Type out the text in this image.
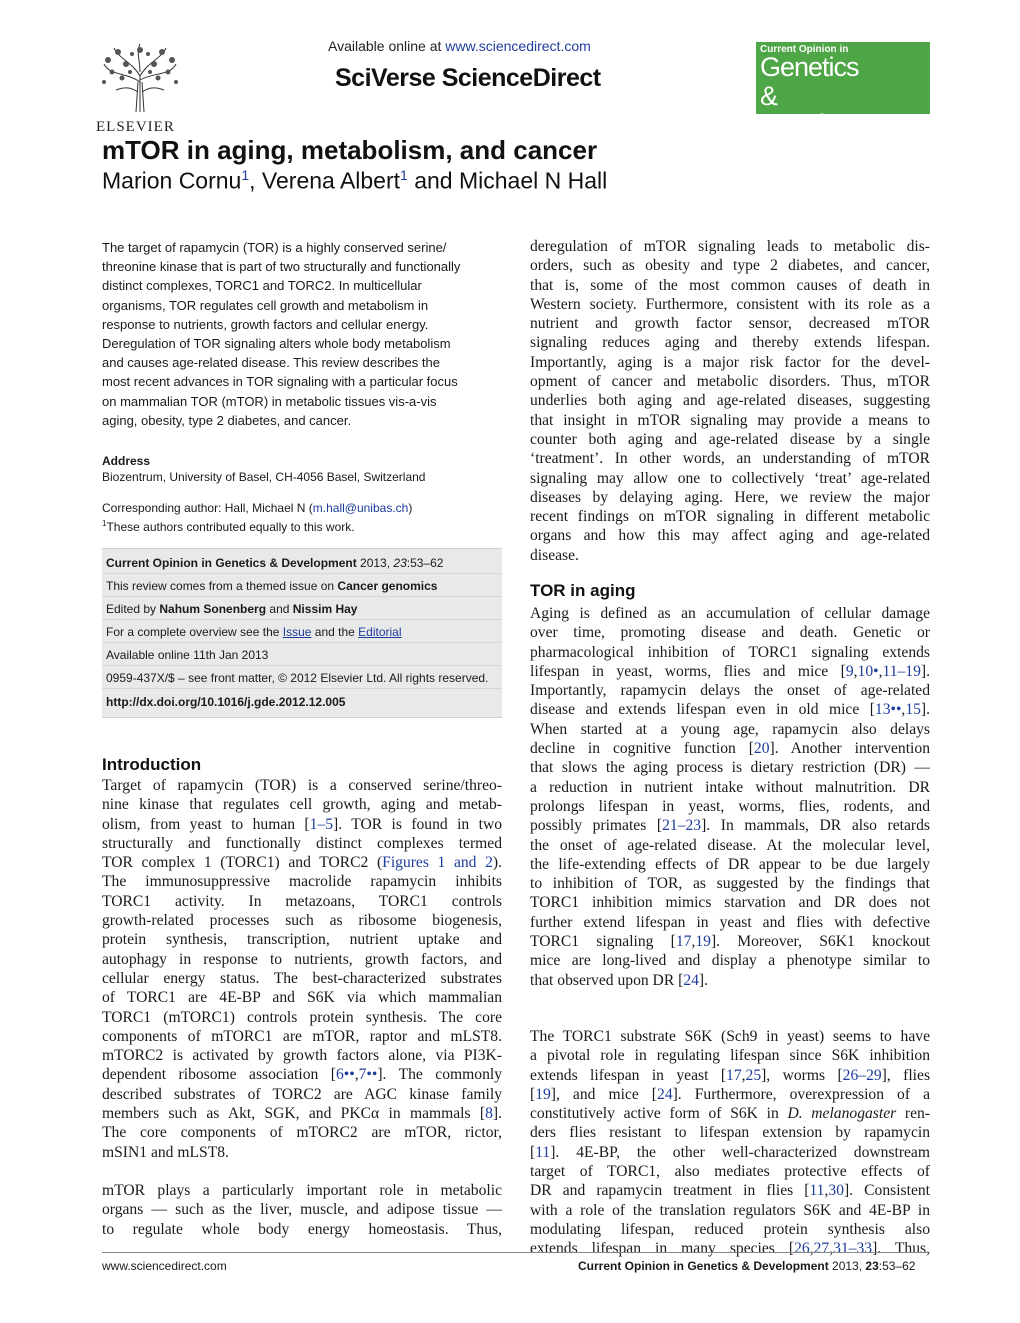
ELSEVIER
Available online at www.sciencedirect.com
SciVerse ScienceDirect
Current Opinion in
Genetics
& Development
mTOR in aging, metabolism, and cancer
Marion Cornu$^1$, Verena Albert$^1$ and Michael N Hall
The target of rapamycin (TOR) is a highly conserved serine/
threonine kinase that is part of two structurally and functionally
distinct complexes, TORC1 and TORC2. In multicellular
organisms, TOR regulates cell growth and metabolism in
response to nutrients, growth factors and cellular energy.
Deregulation of TOR signaling alters whole body metabolism
and causes age-related disease. This review describes the
most recent advances in TOR signaling with a particular focus
on mammalian TOR (mTOR) in metabolic tissues vis-a-vis
aging, obesity, type 2 diabetes, and cancer.
Address
Biozentrum, University of Basel, CH-4056 Basel, Switzerland
Corresponding author: Hall, Michael N (m.hall@unibas.ch)
$^1$These authors contributed equally to this work.
Current Opinion in Genetics & Development 2013, 23:53–62
This review comes from a themed issue on Cancer genomics
Edited by Nahum Sonenberg and Nissim Hay
For a complete overview see the Issue and the Editorial
Available online 11th Jan 2013
0959-437X/$ – see front matter, © 2012 Elsevier Ltd. All rights reserved.
http://dx.doi.org/10.1016/j.gde.2012.12.005
Introduction
Target of rapamycin (TOR) is a conserved serine/threo-
nine kinase that regulates cell growth, aging and metab-
olism, from yeast to human [1–5]. TOR is found in two
structurally and functionally distinct complexes termed
TOR complex 1 (TORC1) and TORC2 (Figures 1 and 2).
The immunosuppressive macrolide rapamycin inhibits
TORC1 activity. In metazoans, TORC1 controls
growth-related processes such as ribosome biogenesis,
protein synthesis, transcription, nutrient uptake and
autophagy in response to nutrients, growth factors, and
cellular energy status. The best-characterized substrates
of TORC1 are 4E-BP and S6K via which mammalian
TORC1 (mTORC1) controls protein synthesis. The core
components of mTORC1 are mTOR, raptor and mLST8.
mTORC2 is activated by growth factors alone, via PI3K-
dependent ribosome association [6••,7••]. The commonly
described substrates of TORC2 are AGC kinase family
members such as Akt, SGK, and PKCα in mammals [8].
The core components of mTORC2 are mTOR, rictor,
mSIN1 and mLST8.
mTOR plays a particularly important role in metabolic
organs — such as the liver, muscle, and adipose tissue —
to regulate whole body energy homeostasis. Thus,
deregulation of mTOR signaling leads to metabolic dis-
orders, such as obesity and type 2 diabetes, and cancer,
that is, some of the most common causes of death in
Western society. Furthermore, consistent with its role as a
nutrient and growth factor sensor, decreased mTOR
signaling reduces aging and thereby extends lifespan.
Importantly, aging is a major risk factor for the devel-
opment of cancer and metabolic disorders. Thus, mTOR
underlies both aging and age-related diseases, suggesting
that insight in mTOR signaling may provide a means to
counter both aging and age-related disease by a single
‘treatment’. In other words, an understanding of mTOR
signaling may allow one to collectively ‘treat’ age-related
diseases by delaying aging. Here, we review the major
recent findings on mTOR signaling in different metabolic
organs and how this may affect aging and age-related
disease.
TOR in aging
Aging is defined as an accumulation of cellular damage
over time, promoting disease and death. Genetic or
pharmacological inhibition of TORC1 signaling extends
lifespan in yeast, worms, flies and mice [9,10•,11–19].
Importantly, rapamycin delays the onset of age-related
disease and extends lifespan even in old mice [13••,15].
When started at a young age, rapamycin also delays
decline in cognitive function [20]. Another intervention
that slows the aging process is dietary restriction (DR) —
a reduction in nutrient intake without malnutrition. DR
prolongs lifespan in yeast, worms, flies, rodents, and
possibly primates [21–23]. In mammals, DR also retards
the onset of age-related disease. At the molecular level,
the life-extending effects of DR appear to be due largely
to inhibition of TOR, as suggested by the findings that
TORC1 inhibition mimics starvation and DR does not
further extend lifespan in yeast and flies with defective
TORC1 signaling [17,19]. Moreover, S6K1 knockout
mice are long-lived and display a phenotype similar to
that observed upon DR [24].
The TORC1 substrate S6K (Sch9 in yeast) seems to have
a pivotal role in regulating lifespan since S6K inhibition
extends lifespan in yeast [17,25], worms [26–29], flies
[19], and mice [24]. Furthermore, overexpression of a
constitutively active form of S6K in D. melanogaster ren-
ders flies resistant to lifespan extension by rapamycin
[11]. 4E-BP, the other well-characterized downstream
target of TORC1, also mediates protective effects of
DR and rapamycin treatment in flies [11,30]. Consistent
with a role of the translation regulators S6K and 4E-BP in
modulating lifespan, reduced protein synthesis also
extends lifespan in many species [26,27,31–33]. Thus,
www.sciencedirect.com	Current Opinion in Genetics & Development 2013, 23:53–62
